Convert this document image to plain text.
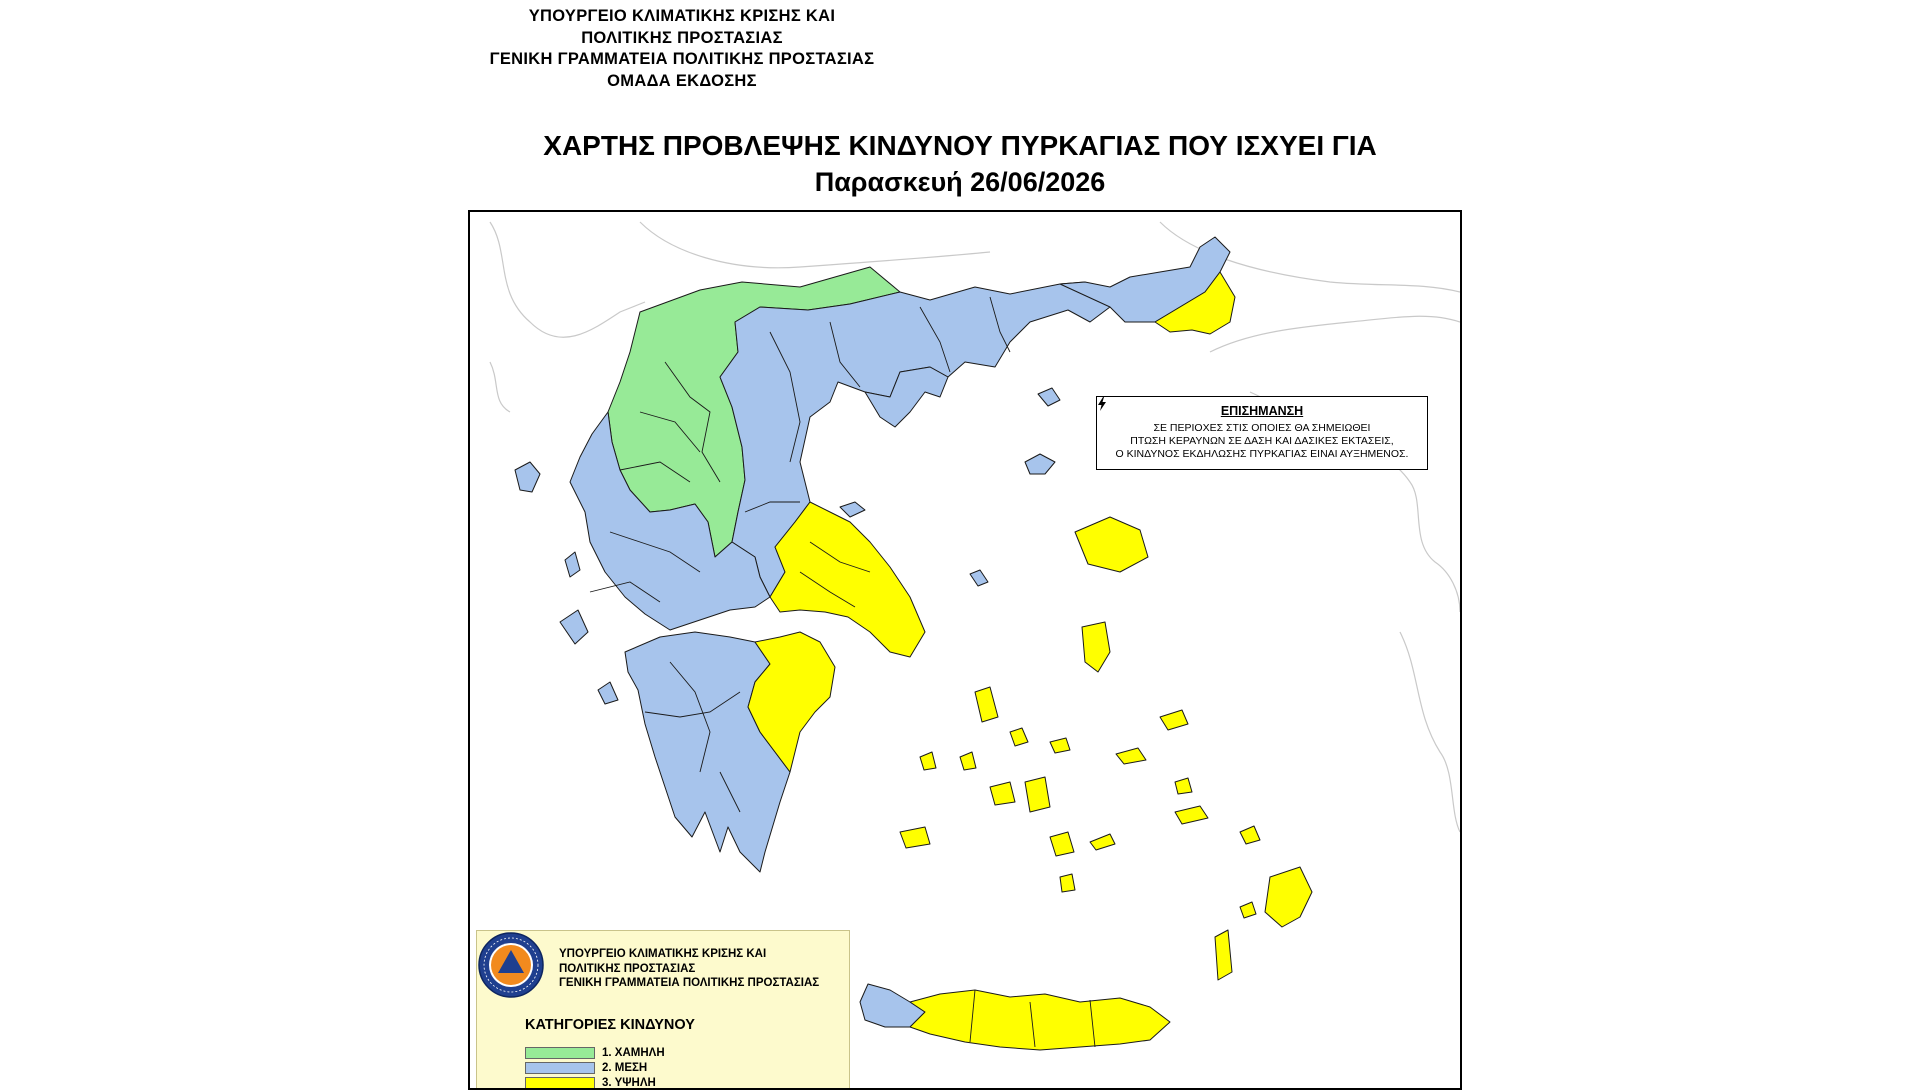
ΥΠΟΥΡΓΕΙΟ ΚΛΙΜΑΤΙΚΗΣ ΚΡΙΣΗΣ ΚΑΙ
ΠΟΛΙΤΙΚΗΣ ΠΡΟΣΤΑΣΙΑΣ
ΓΕΝΙΚΗ ΓΡΑΜΜΑΤΕΙΑ ΠΟΛΙΤΙΚΗΣ ΠΡΟΣΤΑΣΙΑΣ
ΟΜΑΔΑ ΕΚΔΟΣΗΣ
ΧΑΡΤΗΣ ΠΡΟΒΛΕΨΗΣ ΚΙΝΔΥΝΟΥ ΠΥΡΚΑΓΙΑΣ ΠΟΥ ΙΣΧΥΕΙ ΓΙΑ
Παρασκευή 26/06/2026
ΕΠΙΣΗΜΑΝΣΗ
ΣΕ ΠΕΡΙΟΧΕΣ ΣΤΙΣ ΟΠΟΙΕΣ ΘΑ ΣΗΜΕΙΩΘΕΙ
ΠΤΩΣΗ ΚΕΡΑΥΝΩΝ ΣΕ ΔΑΣΗ ΚΑΙ ΔΑΣΙΚΕΣ ΕΚΤΑΣΕΙΣ,
Ο ΚΙΝΔΥΝΟΣ ΕΚΔΗΛΩΣΗΣ ΠΥΡΚΑΓΙΑΣ ΕΙΝΑΙ ΑΥΞΗΜΕΝΟΣ.
ΥΠΟΥΡΓΕΙΟ ΚΛΙΜΑΤΙΚΗΣ ΚΡΙΣΗΣ ΚΑΙ
ΠΟΛΙΤΙΚΗΣ ΠΡΟΣΤΑΣΙΑΣ
ΓΕΝΙΚΗ ΓΡΑΜΜΑΤΕΙΑ ΠΟΛΙΤΙΚΗΣ ΠΡΟΣΤΑΣΙΑΣ
ΚΑΤΗΓΟΡΙΕΣ ΚΙΝΔΥΝΟΥ
1. ΧΑΜΗΛΗ
2. ΜΕΣΗ
3. ΥΨΗΛΗ
